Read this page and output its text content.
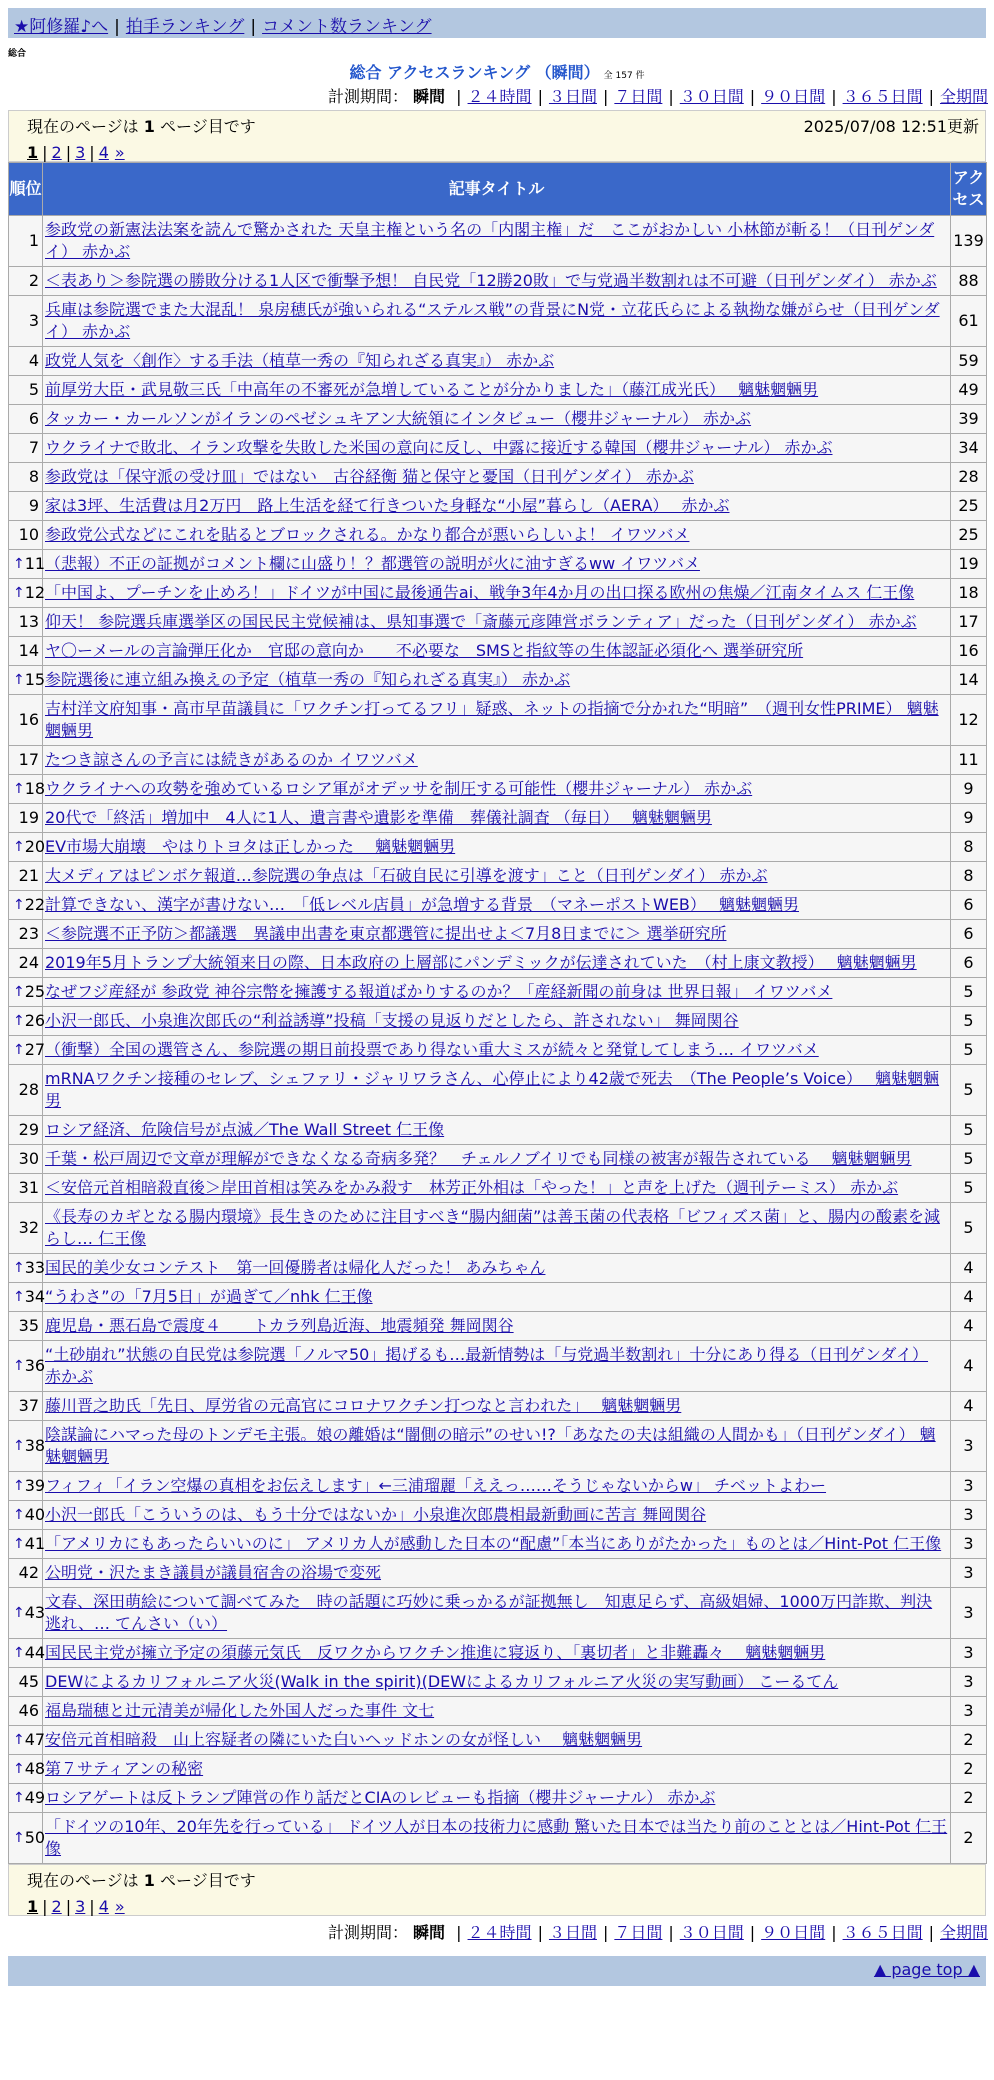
★阿修羅♪へ | 拍手ランキング | コメント数ランキング
総合
総合 アクセスランキング （瞬間） 全 157 件
計測期間： 瞬間 | ２４時間 | ３日間 | ７日間 | ３０日間 | ９０日間 | ３６５日間 | 全期間
現在のページは 1 ページ目です	2025/07/08 12:51更新
1 | 2 | 3 | 4 »
順位	記事タイトル	アクセス
1	参政党の新憲法法案を読んで驚かされた 天皇主権という名の「内閣主権」だ　ここがおかしい 小林節が斬る！（日刊ゲンダイ） 赤かぶ	139
2	＜表あり＞参院選の勝敗分ける1人区で衝撃予想！ 自民党「12勝20敗」で与党過半数割れは不可避（日刊ゲンダイ） 赤かぶ	88
3	兵庫は参院選でまた大混乱！ 泉房穂氏が強いられる“ステルス戦”の背景にN党・立花氏らによる執拗な嫌がらせ（日刊ゲンダイ） 赤かぶ	61
4	政党人気を〈創作〉する手法（植草一秀の『知られざる真実』） 赤かぶ	59
5	前厚労大臣・武見敬三氏「中高年の不審死が急増していることが分かりました」（藤江成光氏）　 魑魅魍魎男	49
6	タッカー・カールソンがイランのペゼシュキアン大統領にインタビュー（櫻井ジャーナル） 赤かぶ	39
7	ウクライナで敗北、イラン攻撃を失敗した米国の意向に反し、中露に接近する韓国（櫻井ジャーナル） 赤かぶ	34
8	参政党は「保守派の受け皿」ではない　古谷経衡 猫と保守と憂国（日刊ゲンダイ） 赤かぶ	28
9	家は3坪、生活費は月2万円　路上生活を経て行きついた身軽な“小屋”暮らし（AERA）　 赤かぶ	25
10	参政党公式などにこれを貼るとブロックされる。かなり都合が悪いらしいよ！ イワツバメ	25

↑ 11	（悲報）不正の証拠がコメント欄に山盛り！？都選管の説明が火に油すぎるww イワツバメ	19

↑ 12	「中国よ、プーチンを止めろ！」ドイツが中国に最後通告ai、戦争3年4か月の出口探る欧州の焦燥／江南タイムス 仁王像	18
13	仰天！ 参院選兵庫選挙区の国民民主党候補は、県知事選で「斎藤元彦陣営ボランティア」だった（日刊ゲンダイ） 赤かぶ	17
14	ヤ〇ーメールの言論弾圧化か　官邸の意向か　　不必要な　SMSと指紋等の生体認証必須化へ 選挙研究所	16

↑ 15	参院選後に連立組み換えの予定（植草一秀の『知られざる真実』） 赤かぶ	14
16	吉村洋文府知事・高市早苗議員に「ワクチン打ってるフリ」疑惑、ネットの指摘で分かれた“明暗”　（週刊女性PRIME） 魑魅魍魎男	12
17	たつき諒さんの予言には続きがあるのか イワツバメ	11

↑ 18	ウクライナへの攻勢を強めているロシア軍がオデッサを制圧する可能性（櫻井ジャーナル） 赤かぶ	9
19	20代で「終活」増加中　4人に1人、遺言書や遺影を準備　葬儀社調査 （毎日）　 魑魅魍魎男	9

↑ 20	EV市場大崩壊　やはりトヨタは正しかった　 魑魅魍魎男	8
21	大メディアはピンボケ報道…参院選の争点は「石破自民に引導を渡す」こと（日刊ゲンダイ） 赤かぶ	8

↑ 22	計算できない、漢字が書けない…　「低レベル店員」が急増する背景　（マネーポストWEB）　 魑魅魍魎男	6
23	＜参院選不正予防＞都議選　異議申出書を東京都選管に提出せよ＜7月8日までに＞ 選挙研究所	6
24	2019年5月トランプ大統領来日の際、日本政府の上層部にパンデミックが伝達されていた　（村上康文教授）　 魑魅魍魎男	6

↑ 25	なぜフジ産経が 参政党 神谷宗幣を擁護する報道ばかりするのか？「産経新聞の前身は 世界日報」 イワツバメ	5

↑ 26	小沢一郎氏、小泉進次郎氏の“利益誘導”投稿「支援の見返りだとしたら、許されない」 舞岡関谷	5

↑ 27	（衝撃）全国の選管さん、参院選の期日前投票であり得ない重大ミスが続々と発覚してしまう… イワツバメ	5
28	mRNAワクチン接種のセレブ、シェファリ・ジャリワラさん、心停止により42歳で死去　（The People’s Voice）　 魑魅魍魎男	5
29	ロシア経済、危険信号が点滅／The Wall Street 仁王像	5
30	千葉・松戸周辺で文章が理解ができなくなる奇病多発？　チェルノブイリでも同様の被害が報告されている　 魑魅魍魎男	5
31	＜安倍元首相暗殺直後＞岸田首相は笑みをかみ殺す　林芳正外相は「やった！」と声を上げた（週刊テーミス） 赤かぶ	5
32	《長寿のカギとなる腸内環境》長生きのために注目すべき“腸内細菌”は善玉菌の代表格「ビフィズス菌」と、腸内の酸素を減らし… 仁王像	5

↑ 33	国民的美少女コンテスト　第一回優勝者は帰化人だった！ あみちゃん	4

↑ 34	“うわさ”の「7月5日」が過ぎて／nhk 仁王像	4
35	鹿児島・悪石島で震度４　　トカラ列島近海、地震頻発 舞岡関谷	4

↑ 36	“土砂崩れ”状態の自民党は参院選「ノルマ50」掲げるも…最新情勢は「与党過半数割れ」十分にあり得る（日刊ゲンダイ） 赤かぶ	4
37	藤川晋之助氏「先日、厚労省の元高官にコロナワクチン打つなと言われた」　 魑魅魍魎男	4

↑ 38	陰謀論にハマった母のトンデモ主張。娘の離婚は“闇側の暗示”のせい!?「あなたの夫は組織の人間かも」（日刊ゲンダイ） 魑魅魍魎男	3

↑ 39	フィフィ「イラン空爆の真相をお伝えします」←三浦瑠麗「ええっ……そうじゃないからw」 チベットよわー	3

↑ 40	小沢一郎氏「こういうのは、もう十分ではないか」小泉進次郎農相最新動画に苦言 舞岡関谷	3

↑ 41	「アメリカにもあったらいいのに」 アメリカ人が感動した日本の“配慮”「本当にありがたかった」ものとは／Hint-Pot 仁王像	3
42	公明党・沢たまき議員が議員宿舎の浴場で変死	3

↑ 43	文春、深田萌絵について調べてみた　時の話題に巧妙に乗っかるが証拠無し　知恵足らず、高級娼婦、1000万円詐欺、判決逃れ、… てんさい（い）	3

↑ 44	国民民主党が擁立予定の須藤元気氏　反ワクからワクチン推進に寝返り、「裏切者」と非難轟々　 魑魅魍魎男	3
45	DEWによるカリフォルニア火災(Walk in the spirit)(DEWによるカリフォルニア火災の実写動画） こーるてん	3
46	福島瑞穂と辻元清美が帰化した外国人だった事件 文七	3

↑ 47	安倍元首相暗殺　山上容疑者の隣にいた白いヘッドホンの女が怪しい　 魑魅魍魎男	2

↑ 48	第７サティアンの秘密	2

↑ 49	ロシアゲートは反トランプ陣営の作り話だとCIAのレビューも指摘（櫻井ジャーナル） 赤かぶ	2

↑ 50	「ドイツの10年、20年先を行っている」 ドイツ人が日本の技術力に感動 驚いた日本では当たり前のこととは／Hint-Pot 仁王像	2
現在のページは 1 ページ目です
1 | 2 | 3 | 4 »
計測期間： 瞬間 | ２４時間 | ３日間 | ７日間 | ３０日間 | ９０日間 | ３６５日間 | 全期間
▲ page top ▲
